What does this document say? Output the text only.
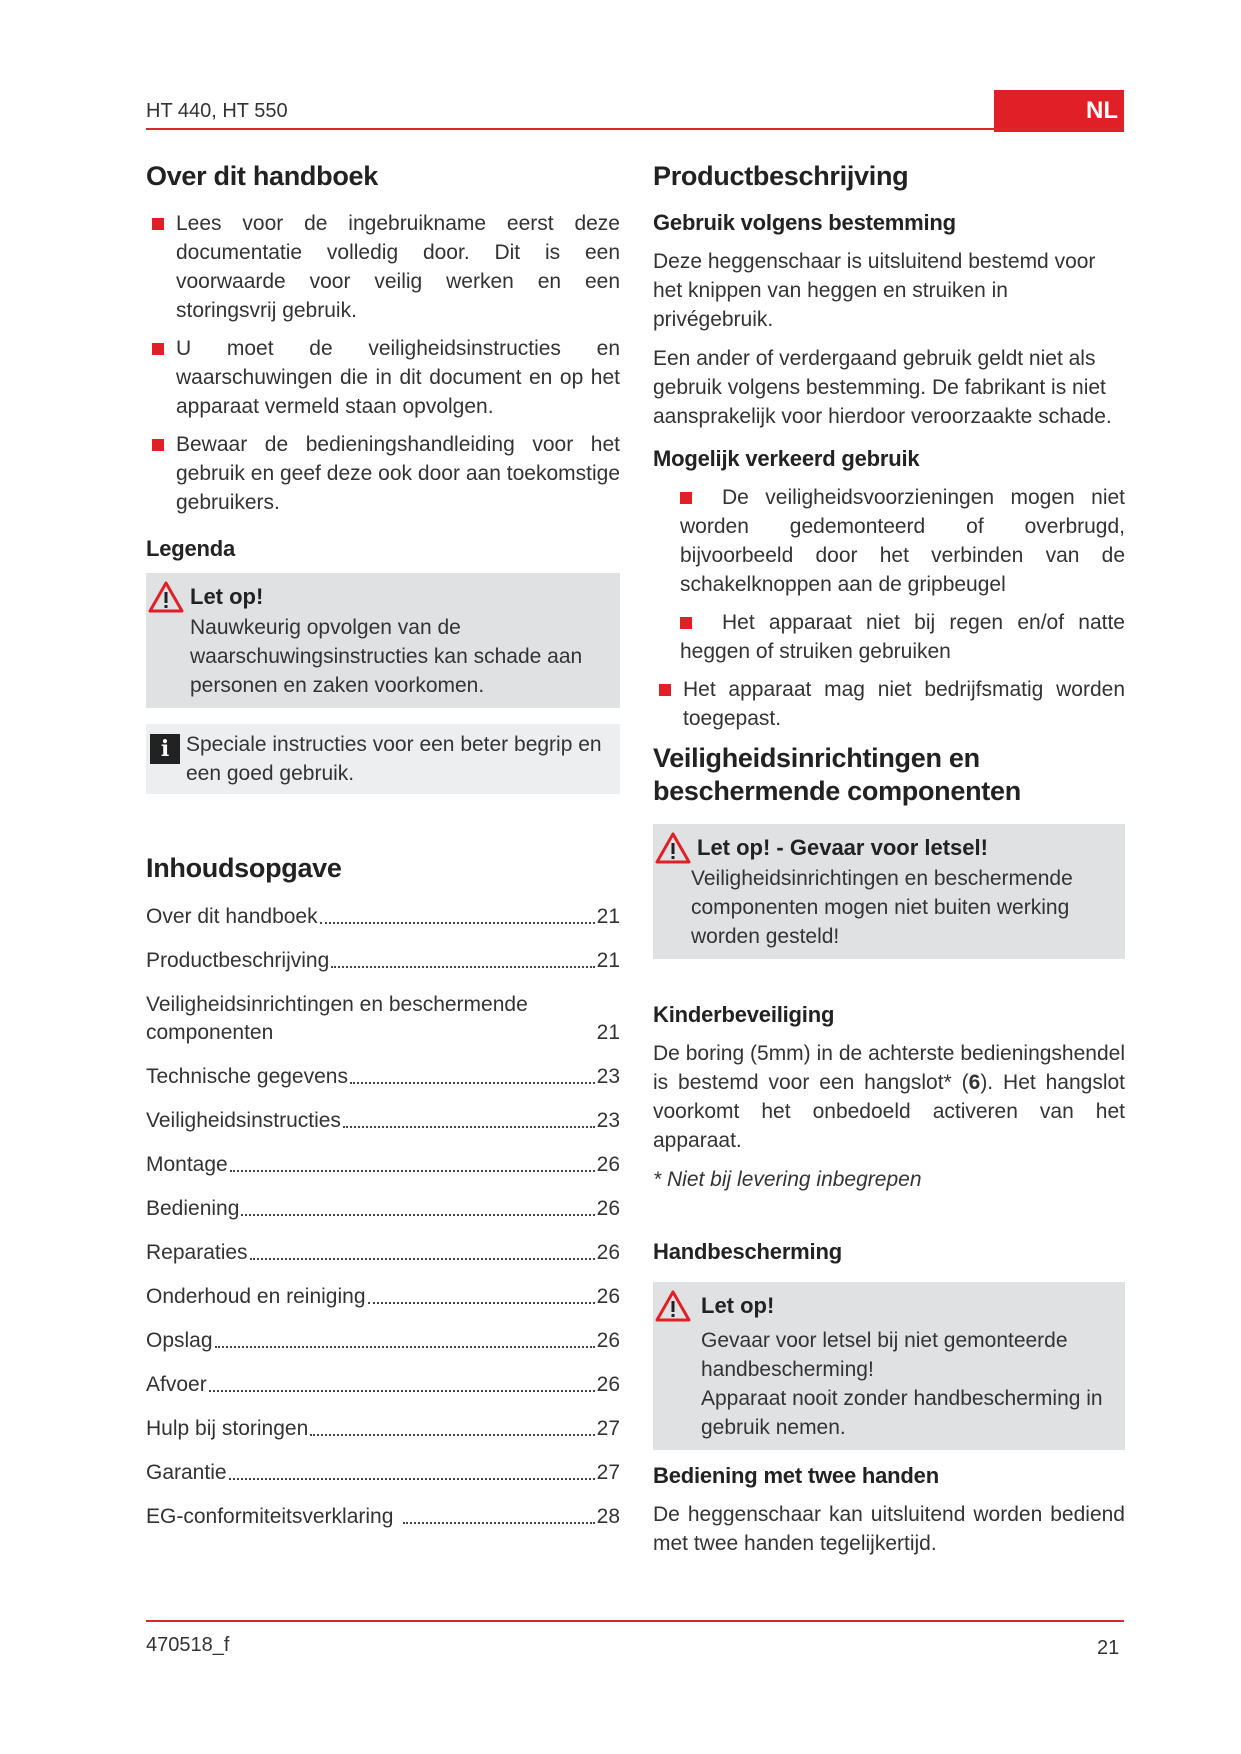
HT 440, HT 550	NL
Over dit handboek
Lees voor de ingebruikname eerst deze documentatie volledig door. Dit is een voorwaarde voor veilig werken en een storingsvrij gebruik.
U moet de veiligheidsinstructies en waarschuwingen die in dit document en op het apparaat vermeld staan opvolgen.
Bewaar de bedieningshandleiding voor het gebruik en geef deze ook door aan toekomstige gebruikers.
Legenda
Let op!
Nauwkeurig opvolgen van de waarschuwingsinstructies kan schade aan personen en zaken voorkomen.
i Speciale instructies voor een beter begrip en een goed gebruik.
Inhoudsopgave
Over dit handboek	21
Productbeschrijving	21
Veiligheidsinrichtingen en beschermende componenten	21
Technische gegevens	23
Veiligheidsinstructies	23
Montage	26
Bediening	26
Reparaties	26
Onderhoud en reiniging	26
Opslag	26
Afvoer	26
Hulp bij storingen	27
Garantie	27
EG-conformiteitsverklaring	28
Productbeschrijving
Gebruik volgens bestemming

Deze heggenschaar is uitsluitend bestemd voor het knippen van heggen en struiken in privégebruik.

Een ander of verdergaand gebruik geldt niet als gebruik volgens bestemming. De fabrikant is niet aansprakelijk voor hierdoor veroorzaakte schade.

Mogelijk verkeerd gebruik
De veiligheidsvoorzieningen mogen niet worden gedemonteerd of overbrugd, bijvoorbeeld door het verbinden van de schakelknoppen aan de gripbeugel
Het apparaat niet bij regen en/of natte heggen of struiken gebruiken
Het apparaat mag niet bedrijfsmatig worden toegepast.
Veiligheidsinrichtingen en beschermende componenten
Let op! - Gevaar voor letsel!
Veiligheidsinrichtingen en beschermende componenten mogen niet buiten werking worden gesteld!
Kinderbeveiliging

De boring (5mm) in de achterste bedieningshendel is bestemd voor een hangslot* (6). Het hangslot voorkomt het onbedoeld activeren van het apparaat.

* Niet bij levering inbegrepen

Handbescherming
Let op!
Gevaar voor letsel bij niet gemonteerde handbescherming!
Apparaat nooit zonder handbescherming in gebruik nemen.
Bediening met twee handen

De heggenschaar kan uitsluitend worden bediend met twee handen tegelijkertijd.

470518_f	21
